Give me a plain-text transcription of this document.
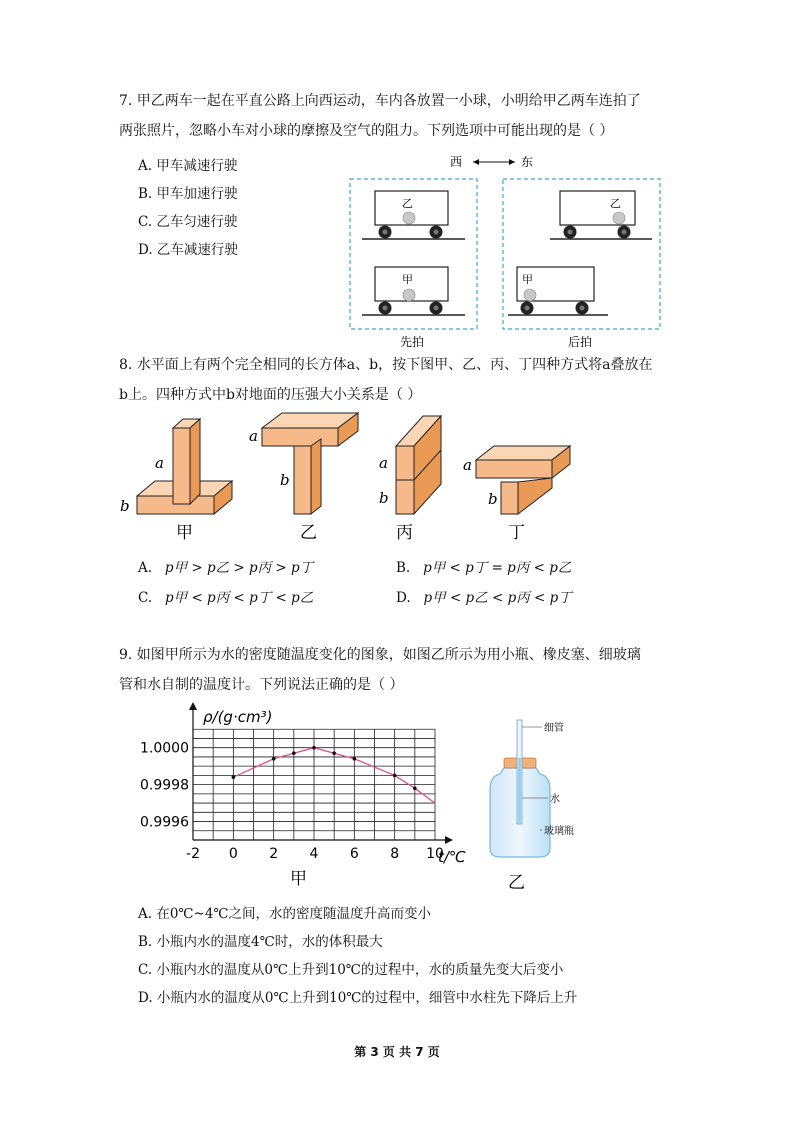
7. 甲乙两车一起在平直公路上向西运动，车内各放置一小球，小明给甲乙两车连拍了
两张照片，忽略小车对小球的摩擦及空气的阻力。下列选项中可能出现的是（ ）
A. 甲车减速行驶
B. 甲车加速行驶
C. 乙车匀速行驶
D. 乙车减速行驶
西	东
乙
甲
乙
甲
先拍	后拍
8. 水平面上有两个完全相同的长方体a、b，按下图甲、乙、丙、丁四种方式将a叠放在
b上。四种方式中b对地面的压强大小关系是（ ）
a
b
甲
a
b
乙
a
b
丙
a
b
丁
A. p甲 > p乙 > p丙 > p丁	B. p甲 < p丁 = p丙 < p乙
C. p甲 < p丙 < p丁 < p乙	D. p甲 < p乙 < p丙 < p丁
9. 如图甲所示为水的密度随温度变化的图象，如图乙所示为用小瓶、橡皮塞、细玻璃
管和水自制的温度计。下列说法正确的是（ ）
ρ/(g·cm³)
-2 0 2 4 6 8 10
0.9996
0.9998
1.0000
t/℃
甲
细管
水
玻璃瓶
乙
A. 在0℃~4℃之间，水的密度随温度升高而变小
B. 小瓶内水的温度4℃时，水的体积最大
C. 小瓶内水的温度从0℃上升到10℃的过程中，水的质量先变大后变小
D. 小瓶内水的温度从0℃上升到10℃的过程中，细管中水柱先下降后上升
第 3 页 共 7 页
